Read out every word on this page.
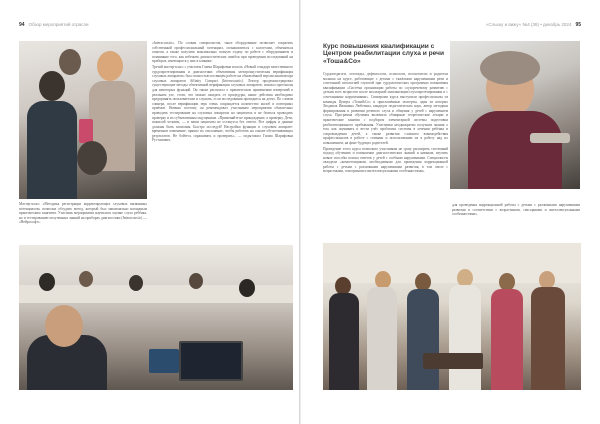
94 Обзор мероприятий отрасли	«Слышу и вижу» №4 (38) • декабрь 2024 95

Мастер-класс «Методика регистрации корректирующих слуховых вызванных потенциалов» позволил обсудить метод, который был максимально наглядным практическим занятием. Участник мероприятия научились оценке слуха ребёнка, но и тестированию полученных знаний на приборах диагностики (Interacoustic) — «Нейрософт».

«Interacoustic». По словам специалистов, такое оборудование позволяет сократить собственный профессиональный потенциал, познакомиться с коллегами, обменяться опытом, а также получить максимально полную отдачу по работе с оборудованием и понимание того, как избежать диагностических ошибок при проведении исследований на приборах, имеющихся у них в клинике.

Третий мастер-класс с участием Гамма Шарифовна исполь «Новый стандарт качественного сурдопротезирования и диагностики: объективная электроакустическая верификация слуховых аппаратов» был полностью посвящён работе на обновлённой версии анализатора слуховых аппаратов Affinity Compact (Interacoustic). Лектор продемонстрировал существующие методы объективной верификации слуховых аппаратов, показал протоколы для некоторых функций. Он также рассказал о практическом применении измерений в реальном ухе, стоит, что можно ожидать от процедуры, какие действия необходимо предпринять пользователям и слушать, если исследования проводятся на детях. По словам спикера, после верификации звук очень сокращается количество жалоб и повторных приёмов. Именно поэтому он рекомендовал участникам мероприятия обязательно проводить тестирование на слуховых аппаратах на пациентах и не бояться проводить проверку и их субъективным ощущениям. «Применяйте не принуждение, а проверку. Дети, пожилой человек, — и ваши пациенты не останутся без ответа. Все цифры и данные должны быть записаны. Быстро исследуй! Настройки функции в слуховом аппарате: временное изменение, прямое их отклонение, чтобы работать на основе обеспечивающих результатов. Не бойтесь спрашивать и проверять», — подытожил Гамма Шарифовна Рустамович.

Курс повышения квалификации с Центром реабилитации слуха и речи «Тоша&Co»

Сурдопедагоги, логопеды, дефектологи, психологи, воспитатели и родители малыша на курсе, работающие с детьми с тяжёлыми нарушениями речи и сочетанной патологией глухотой при сурдологических программах повышения квалификации «Система организации работы по слухоречевому развитию с детьми всех возрастов после кохлеарной имплантации/слухопротезирования и с сочетанными нарушениями». Спикерами курса выступили профессионалы из команды Центра «Тоша&Co» и приглашённые эксперты, один из которых Людмила Ивановна Любезина, кандидат педагогических наук, автор методики формирования и развития речевого слуха и общения у детей с нарушением слуха. Программа обучения включила обширные теоретические лекции и практические занятия с подбором элементарной системы подготовки реабилитационного пребывания. Участники неоднократно получили знания о том, как оценивать и вести учёт проблемах системы в лечении ребёнка и сопровождения детей, а также развития сложного взаимодействия профессионалов в работе с семьями и использовании их в работу над их повышением, на фоне будущих родителей.

Проведение этого курса позволило участникам не сразу расширить системный подход обучению и повышение диагностических знаний и навыков, изучить новые способы поиска ответов у детей с особыми нарушениями. Специалисты овладели «компетенциями, необходимыми для проведения коррекционной работы с детьми с различными нарушениями развития, в том числе с возрастными, сенсорными и интеллектуальными особенностями».

для проведения коррекционной работы с детьми с различными нарушениями развития в соответствии с возрастными, сенсорными и интеллектуальными особенностями».
